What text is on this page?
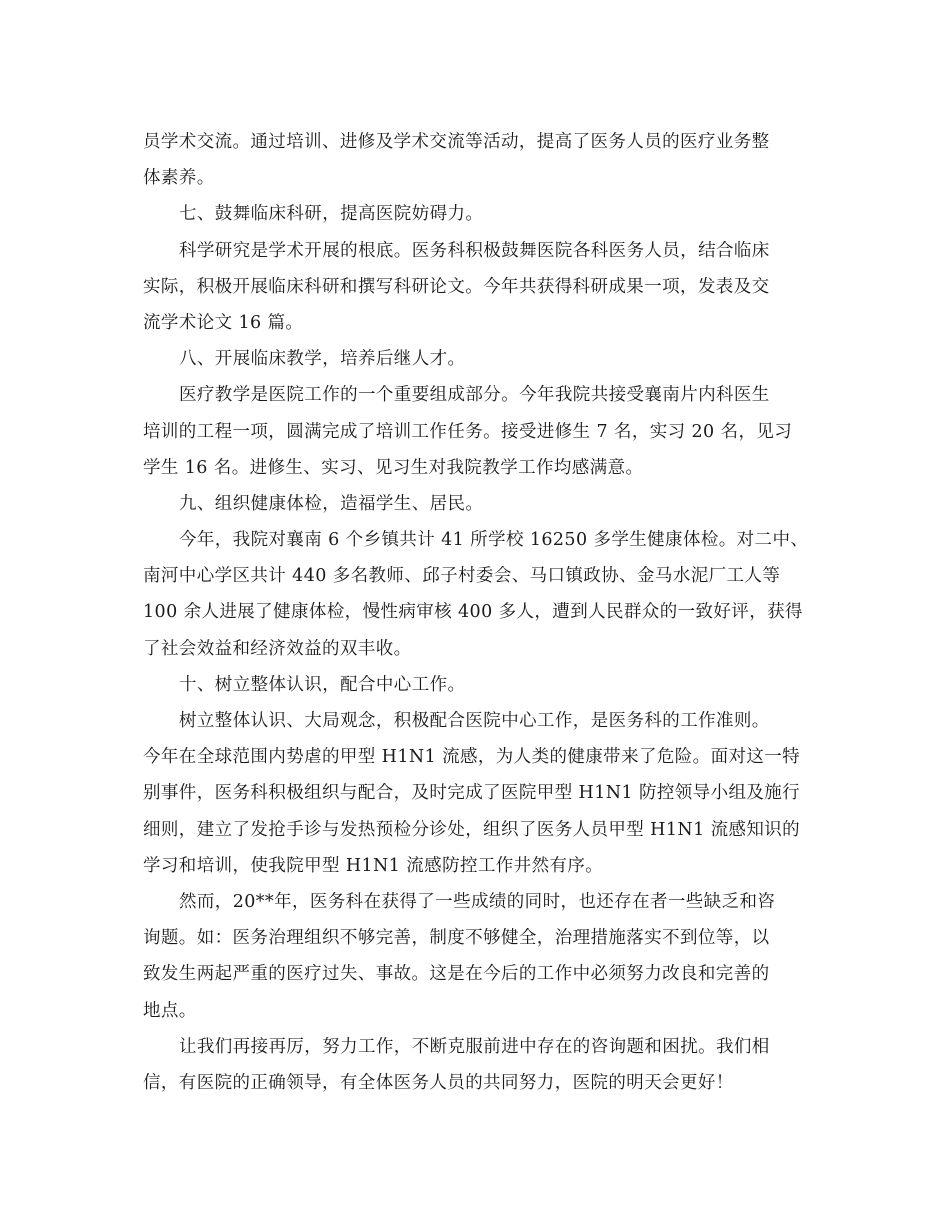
员学术交流。通过培训、进修及学术交流等活动，提高了医务人员的医疗业务整
体素养。
七、鼓舞临床科研，提高医院妨碍力。
科学研究是学术开展的根底。医务科积极鼓舞医院各科医务人员，结合临床
实际，积极开展临床科研和撰写科研论文。今年共获得科研成果一项，发表及交
流学术论文 16 篇。
八、开展临床教学，培养后继人才。
医疗教学是医院工作的一个重要组成部分。今年我院共接受襄南片内科医生
培训的工程一项，圆满完成了培训工作任务。接受进修生 7 名，实习 20 名，见习
学生 16 名。进修生、实习、见习生对我院教学工作均感满意。
九、组织健康体检，造福学生、居民。
今年，我院对襄南 6 个乡镇共计 41 所学校 16250 多学生健康体检。对二中、
南河中心学区共计 440 多名教师、邱子村委会、马口镇政协、金马水泥厂工人等
100 余人进展了健康体检，慢性病审核 400 多人，遭到人民群众的一致好评，获得
了社会效益和经济效益的双丰收。
十、树立整体认识，配合中心工作。
树立整体认识、大局观念，积极配合医院中心工作，是医务科的工作准则。
今年在全球范围内势虐的甲型 H1N1 流感，为人类的健康带来了危险。面对这一特
别事件，医务科积极组织与配合，及时完成了医院甲型 H1N1 防控领导小组及施行
细则，建立了发抢手诊与发热预检分诊处，组织了医务人员甲型 H1N1 流感知识的
学习和培训，使我院甲型 H1N1 流感防控工作井然有序。
然而，20**年，医务科在获得了一些成绩的同时，也还存在者一些缺乏和咨
询题。如：医务治理组织不够完善，制度不够健全，治理措施落实不到位等，以
致发生两起严重的医疗过失、事故。这是在今后的工作中必须努力改良和完善的
地点。
让我们再接再厉，努力工作，不断克服前进中存在的咨询题和困扰。我们相
信，有医院的正确领导，有全体医务人员的共同努力，医院的明天会更好！
